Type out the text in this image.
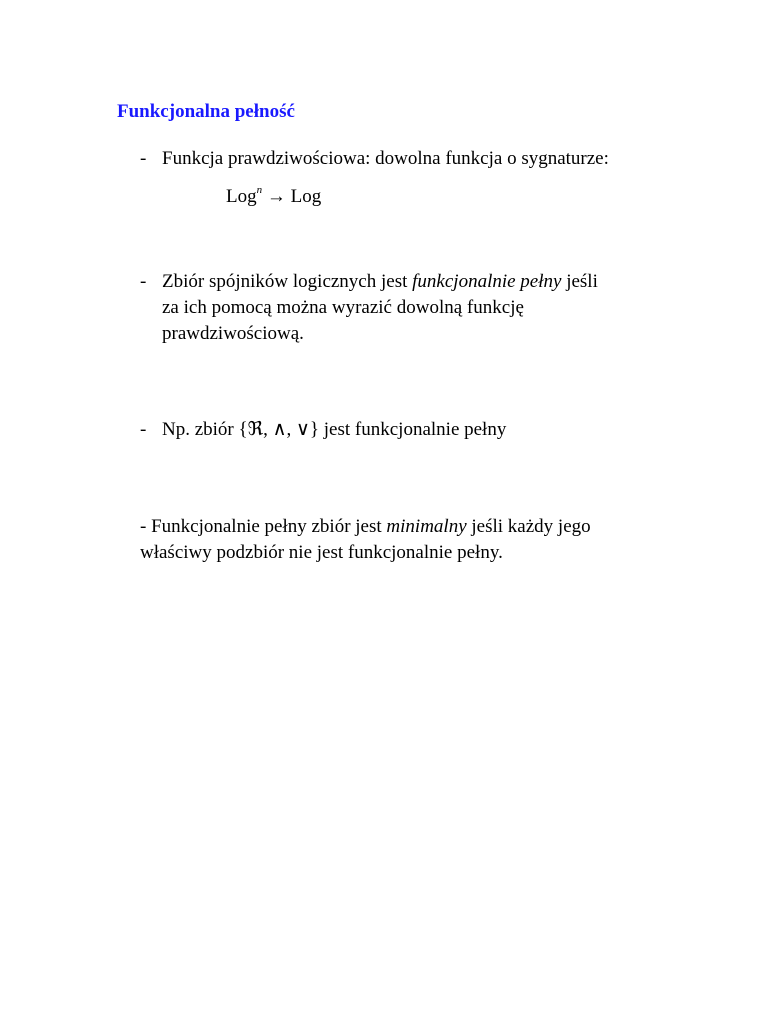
Funkcjonalna pełność
- Funkcja prawdziwościowa: dowolna funkcja o sygnaturze:
Log$^n$ → Log
- Zbiór spójników logicznych jest funkcjonalnie pełny jeśli
za ich pomocą można wyrazić dowolną funkcję
prawdziwościową.
- Np. zbiór {ℜ, ∧, ∨} jest funkcjonalnie pełny
- Funkcjonalnie pełny zbiór jest minimalny jeśli każdy jego
właściwy podzbiór nie jest funkcjonalnie pełny.
